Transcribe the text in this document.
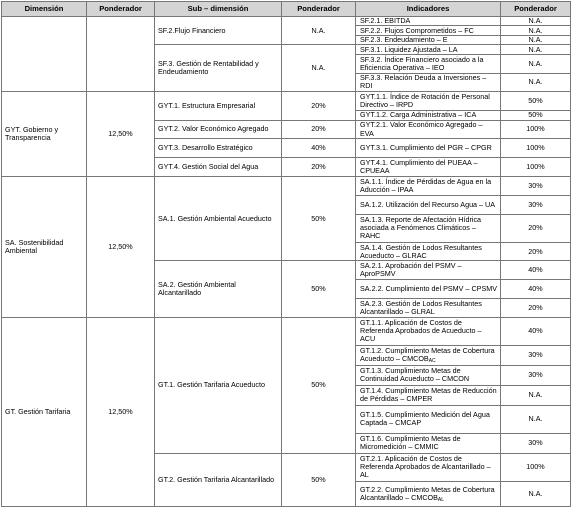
Dimensión	Ponderador	Sub – dimensión	Ponderador	Indicadores	Ponderador
		SF.2.Flujo Financiero	N.A.	SF.2.1. EBITDA	N.A.
				SF.2.2. Flujos Comprometidos – FC	N.A.
				SF.2.3. Endeudamiento – E	N.A.
		SF.3. Gestión de Rentabilidad y Endeudamiento	N.A.	SF.3.1. Liquidez Ajustada – LA	N.A.
				SF.3.2. Índice Financiero asociado a la Eficiencia Operativa – IEO	N.A.
				SF.3.3. Relación Deuda a Inversiones – RDI	N.A.
GYT. Gobierno y Transparencia	12,50%	GYT.1. Estructura Empresarial	20%	GYT.1.1. Índice de Rotación de Personal Directivo – IRPD	50%
				GYT.1.2. Carga Administrativa – ICA	50%
		GYT.2. Valor Económico Agregado	20%	GYT.2.1. Valor Económico Agregado – EVA	100%
		GYT.3. Desarrollo Estratégico	40%	GYT.3.1. Cumplimiento del PGR – CPGR	100%
		GYT.4. Gestión Social del Agua	20%	GYT.4.1. Cumplimiento del PUEAA – CPUEAA	100%
SA. Sostenibilidad Ambiental	12,50%	SA.1. Gestión Ambiental Acueducto	50%	SA.1.1. Índice de Pérdidas de Agua en la Aducción – IPAA	30%
				SA.1.2. Utilización del Recurso Agua – UA	30%
				SA.1.3. Reporte de Afectación Hídrica asociada a Fenómenos Climáticos – RAHC	20%
				SA.1.4. Gestión de Lodos Resultantes Acueducto – GLRAC	20%
		SA.2. Gestión Ambiental Alcantarillado	50%	SA.2.1. Aprobación del PSMV – AproPSMV	40%
				SA.2.2. Cumplimiento del PSMV – CPSMV	40%
				SA.2.3. Gestión de Lodos Resultantes Alcantarillado – GLRAL	20%
GT. Gestión Tarifaria	12,50%	GT.1. Gestión Tarifaria Acueducto	50%	GT.1.1. Aplicación de Costos de Referenda Aprobados de Acueducto – ACU	40%
				GT.1.2. Cumplimiento Metas de Cobertura Acueducto – $CMCOB_{AC}$	30%
				GT.1.3. Cumplimiento Metas de Continuidad Acueducto – CMCON	30%
				GT.1.4. Cumplimiento Metas de Reducción de Pérdidas – CMPER	N.A.
				GT.1.5. Cumplimiento Medición del Agua Captada – CMCAP	N.A.
				GT.1.6. Cumplimiento Metas de Micromedición – CMMIC	30%
		GT.2. Gestión Tarifaria Alcantarillado	50%	GT.2.1. Aplicación de Costos de Referenda Aprobados de Alcantarillado – AL	100%
				GT.2.2. Cumplimiento Metas de Cobertura Alcantarillado – $CMCOB_{AL}$	N.A.
